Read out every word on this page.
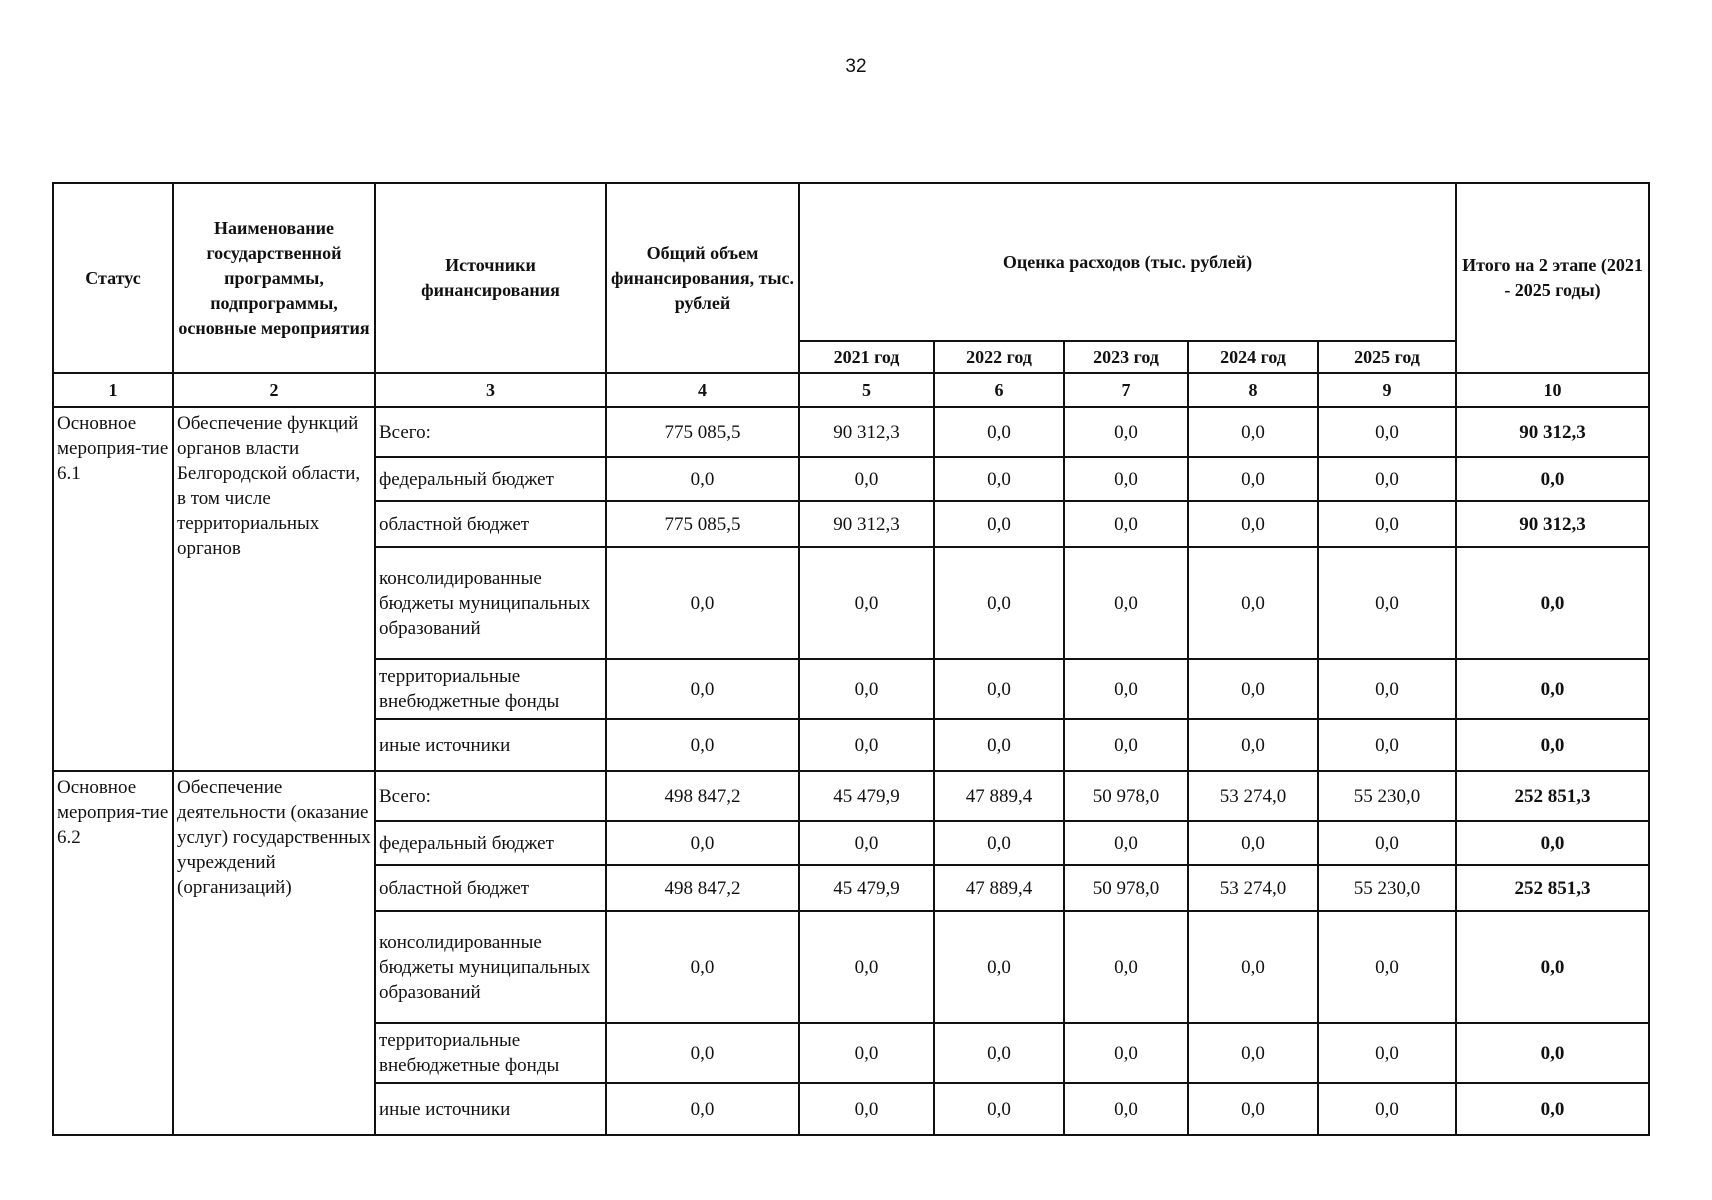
32
Статус	Наименование государственной программы, подпрограммы, основные мероприятия	Источники финансирования	Общий объем финансирования, тыс. рублей	Оценка расходов (тыс. рублей)					Итого на 2 этапе (2021 - 2025 годы)
				2021 год	2022 год	2023 год	2024 год	2025 год	
1	2	3	4	5	6	7	8	9	10
Основное мероприя-тие 6.1	Обеспечение функций органов власти Белгородской области, в том числе территориальных органов	Всего:	775 085,5	90 312,3	0,0	0,0	0,0	0,0	90 312,3
		федеральный бюджет	0,0	0,0	0,0	0,0	0,0	0,0	0,0
		областной бюджет	775 085,5	90 312,3	0,0	0,0	0,0	0,0	90 312,3
		консолидированные бюджеты муниципальных образований	0,0	0,0	0,0	0,0	0,0	0,0	0,0
		территориальные внебюджетные фонды	0,0	0,0	0,0	0,0	0,0	0,0	0,0
		иные источники	0,0	0,0	0,0	0,0	0,0	0,0	0,0
Основное мероприя-тие 6.2	Обеспечение деятельности (оказание услуг) государственных учреждений (организаций)	Всего:	498 847,2	45 479,9	47 889,4	50 978,0	53 274,0	55 230,0	252 851,3
		федеральный бюджет	0,0	0,0	0,0	0,0	0,0	0,0	0,0
		областной бюджет	498 847,2	45 479,9	47 889,4	50 978,0	53 274,0	55 230,0	252 851,3
		консолидированные бюджеты муниципальных образований	0,0	0,0	0,0	0,0	0,0	0,0	0,0
		территориальные внебюджетные фонды	0,0	0,0	0,0	0,0	0,0	0,0	0,0
		иные источники	0,0	0,0	0,0	0,0	0,0	0,0	0,0
